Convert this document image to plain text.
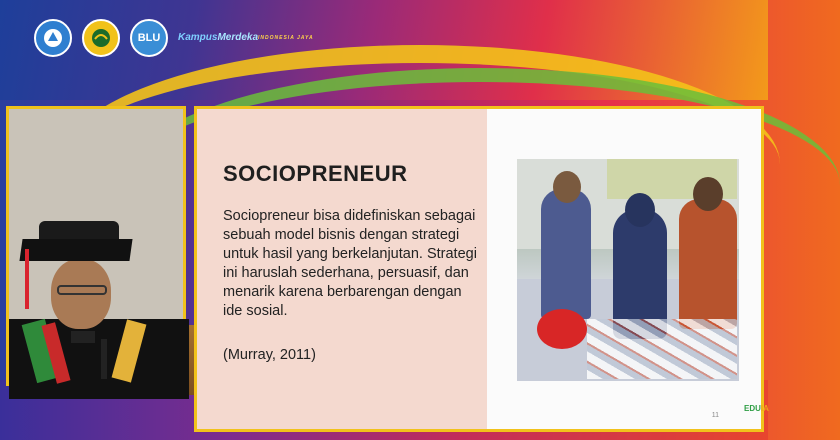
BLU	Kampus Merdeka INDONESIA JAYA
SOCIOPRENEUR
Sociopreneur bisa didefiniskan sebagai sebuah model bisnis dengan strategi untuk hasil yang berkelanjutan. Strategi ini haruslah sederhana, persuasif, dan menarik karena berbarengan dengan ide sosial.
(Murray, 2011)
11
EDUIA
